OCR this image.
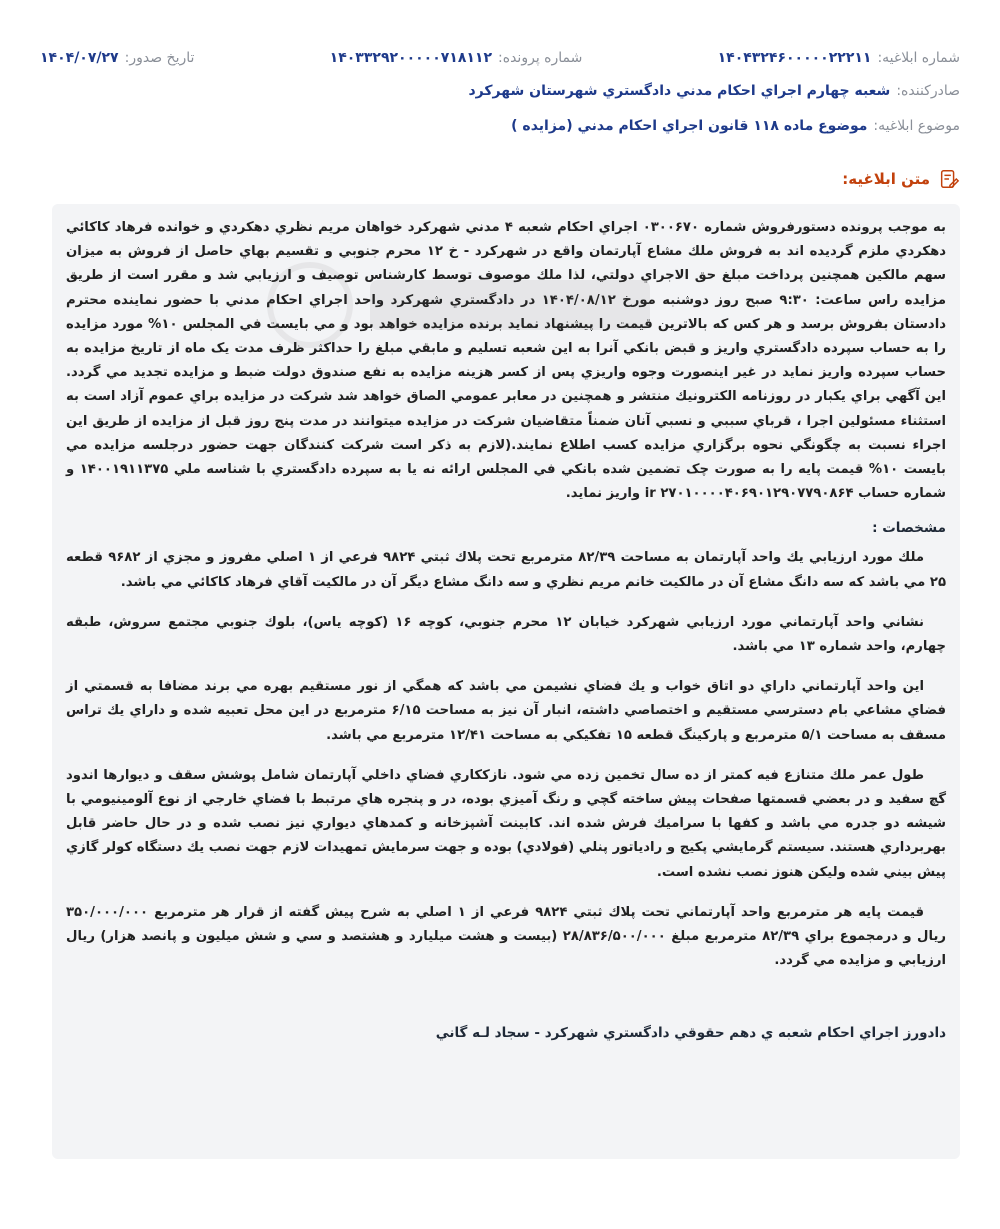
شماره ابلاغیه:
۱۴۰۴۳۲۴۶۰۰۰۰۰۲۲۲۱۱
شماره پرونده:
۱۴۰۳۳۲۹۲۰۰۰۰۰۷۱۸۱۱۲
تاریخ صدور:
۱۴۰۴/۰۷/۲۷
صادرکننده:
شعبه چهارم اجراي احكام مدني دادگستري شهرستان شهركرد
موضوع ابلاغیه:
موضوع ماده ۱۱۸ قانون اجراي احكام مدني (مزايده )
متن ابلاغیه:

به موجب پرونده دستورفروش شماره ۰۳۰۰۶۷۰ اجراي احكام شعبه ۴ مدني شهركرد خواهان مريم نظري دهكردي و خوانده فرهاد كاكائي دهكردي ملزم گرديده اند به فروش ملك مشاع آپارتمان واقع در شهركرد - خ ۱۲ محرم جنوبي و تقسيم بهاي حاصل از فروش به ميزان سهم مالكين همچنين پرداخت مبلغ حق الاجراي دولتي، لذا ملك موصوف توسط كارشناس توصيف و ارزيابي شد و مقرر است از طريق مزايده راس ساعت: ۹:۳۰ صبح روز دوشنبه مورخ ۱۴۰۴/۰۸/۱۲ در دادگستري شهركرد واحد اجراي احكام مدني با حضور نماينده محترم دادستان بفروش برسد و هر كس كه بالاترين قيمت را پيشنهاد نمايد برنده مزايده خواهد بود و مي بايست في المجلس ۱۰% مورد مزايده را به حساب سپرده دادگستري واريز و قبض بانكي آنرا به اين شعبه تسليم و مابقي مبلغ را حداكثر ظرف مدت يک ماه از تاريخ مزايده به حساب سپرده واريز نمايد در غير اينصورت وجوه واريزي پس از كسر هزينه مزايده به نفع صندوق دولت ضبط و مزايده تجديد مي گردد. اين آگهي براي يكبار در روزنامه الكترونيك منتشر و همچنين در معابر عمومي الصاق خواهد شد شركت در مزايده براي عموم آزاد است به استثناء مسئولين اجرا ، قرباي سببي و نسبي آنان ضمناً متقاضيان شركت در مزايده ميتوانند در مدت پنج روز قبل از مزايده از طريق اين اجراء نسبت به چگونگي نحوه برگزاري مزايده كسب اطلاع نمايند.(لازم به ذكر است شركت كنندگان جهت حضور درجلسه مزايده مي بايست ۱۰% قيمت پايه را به صورت چک تضمين شده بانكي في المجلس ارائه نه يا به سپرده دادگستري با شناسه ملي ۱۴۰۰۱۹۱۱۳۷۵ و شماره حساب ۲۷۰۱۰۰۰۰۴۰۶۹۰۱۲۹۰۷۷۹۰۸۶۴ ir واريز نمايد.

مشخصات :

ملك مورد ارزيابي يك واحد آپارتمان به مساحت ۸۲/۳۹ مترمربع تحت پلاك ثبتي ۹۸۲۴ فرعي از ۱ اصلي مفروز و مجزي از ۹۶۸۲ قطعه ۲۵ مي باشد كه سه دانگ مشاع آن در مالكيت خانم مريم نظري و سه دانگ مشاع ديگر آن در مالكيت آقاي فرهاد كاكائي مي باشد.

نشاني واحد آپارتماني مورد ارزيابي شهركرد خيابان ۱۲ محرم جنوبي، كوچه ۱۶ (كوچه ياس)، بلوك جنوبي مجتمع سروش، طبقه چهارم، واحد شماره ۱۳ مي باشد.

اين واحد آپارتماني داراي دو اتاق خواب و يك فضاي نشيمن مي باشد كه همگي از نور مستقيم بهره مي برند مضافا به قسمتي از فضاي مشاعي بام دسترسي مستقيم و اختصاصي داشته، انبار آن نيز به مساحت ۶/۱۵ مترمربع در اين محل تعبيه شده و داراي يك تراس مسقف به مساحت ۵/۱ مترمربع و پاركينگ قطعه ۱۵ تفكيكي به مساحت ۱۲/۴۱ مترمربع مي باشد.

طول عمر ملك متنازع فيه كمتر از ده سال تخمين زده مي شود. نازككاري فضاي داخلي آپارتمان شامل پوشش سقف و ديوارها اندود گچ سفيد و در بعضي قسمتها صفحات پيش ساخته گچي و رنگ آميزي بوده، در و پنجره هاي مرتبط با فضاي خارجي از نوع آلومينيومي با شيشه دو جدره مي باشد و كفها با سراميك فرش شده اند. كابينت آشپزخانه و كمدهاي ديواري نيز نصب شده و در حال حاضر قابل بهربرداري هستند. سيستم گرمايشي پكيج و رادياتور پنلي (فولادي) بوده و جهت سرمايش تمهيدات لازم جهت نصب يك دستگاه كولر گازي پيش بيني شده وليكن هنوز نصب نشده است.

قيمت پايه هر مترمربع واحد آپارتماني تحت پلاك ثبتي ۹۸۲۴ فرعي از ۱ اصلي به شرح پيش گفته از قرار هر مترمربع ۳۵۰/۰۰۰/۰۰۰ ريال و درمجموع براي ۸۲/۳۹ مترمربع مبلغ ۲۸/۸۳۶/۵۰۰/۰۰۰ (بيست و هشت ميليارد و هشتصد و سي و شش ميليون و پانصد هزار) ريال ارزيابي و مزايده مي گردد.

دادورز اجراي احكام شعبه ي دهم حقوقي دادگستري شهركرد - سجاد لـه گاني
